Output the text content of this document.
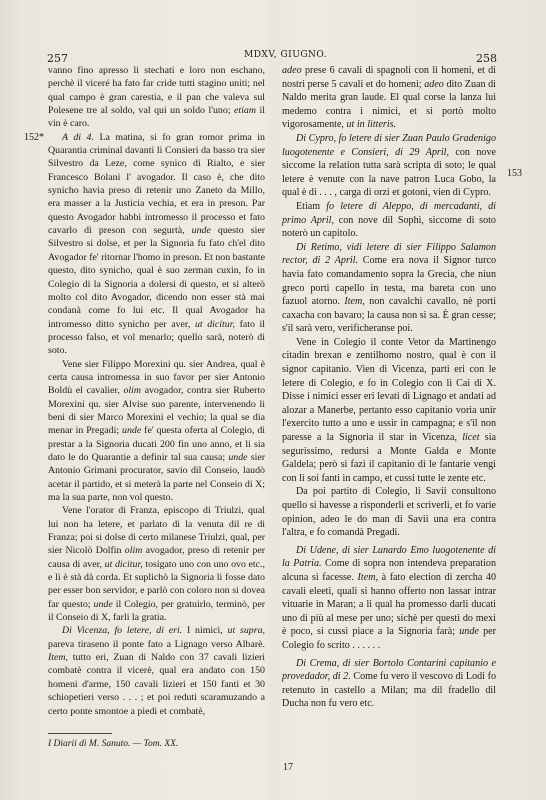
257	MDXV, GIUGNO.	258
152*
153

vanno fino apresso li stechati e loro non eschano, perchè il viceré ha fato far cride tutti stagino uniti; nel qual campo è gran carestia, e il pan che valeva sul Polesene tre al soldo, val qui un soldo l'uno; etiam il vin è caro.

A di 4. La matina, si fo gran romor prima in Quarantia criminal davanti li Consieri da basso tra sier Silvestro da Leze, come synico di Rialto, e sier Francesco Bolani l' avogador. Il caso è, che dito synicho havia preso di retenir uno Zaneto da Millo, era masser a la Justicia vechia, et era in preson. Par questo Avogador habbi intromesso il processo et fato cavarlo di preson con segurtà, unde questo sier Silvestro si dolse, et per la Signoria fu fato ch'el dito Avogador fe' ritornar l'homo in preson. Et non bastante questo, dito synicho, qual è suo zerman cuxin, fo in Colegio di la Signoria a dolersi di questo, et si alterò molto col dito Avogador, dicendo non esser stà mai condanà come fo lui etc. Il qual Avogador ha intromesso ditto synicho per aver, ut dicitur, fato il processo falso, et vol menarlo; quello sarà, noterò di soto.

Vene sier Filippo Morexini qu. sier Andrea, qual è certa causa intromessa in suo favor per sier Antonio Boldù el cavalier, olim avogador, contra sier Ruberto Morexini qu. sier Alvise suo parente, intervenendo li beni di sier Marco Morexini el vechio; la qual se dia menar in Pregadi; unde fe' questa oferta al Colegio, di prestar a la Signoria ducati 200 fin uno anno, et li sia dato le do Quarantie a definir tal sua causa; unde sier Antonio Grimani procurator, savio dil Conseio, laudò acetar il partido, et si meterà la parte nel Conseio di X; ma la sua parte, non vol questo.

Vene l'orator di Franza, episcopo di Triulzi, qual lui non ha letere, et parlato di la venuta dil re di Franza; poi si dolse di certo milanese Triulzi, qual, per sier Nicolò Dolfin olim avogador, preso di retenir per causa di aver, ut dicitur, tosigato uno con uno ovo etc., e li è stà dà corda. Et suplichò la Signoria li fosse dato per esser bon servidor, e parlò con coloro non si dovea far questo; unde il Colegio, per gratuirlo, terminò, per il Conseio di X, farli la gratia.

Di Vicenza, fo letere, di eri. I nimici, ut supra, pareva tiraseno il ponte fato a Lignago verso Albarè. Item, tutto eri, Zuan di Naldo con 37 cavali lizieri combatè contra il vicerè, qual era andato con 150 homeni d'arme, 150 cavali lizieri et 150 fanti et 30 schiopetieri verso . . . ; et poi reduti scaramuzando a certo ponte smontoe a piedi et combatè,

adeo prese 6 cavali di spagnoli con li homeni, et di nostri perse 5 cavali et do homeni; adeo dito Zuan di Naldo merita gran laude. El qual corse la lanza lui medemo contra i nimici, et si portò molto vigorosamente, ut in litteris.

Di Cypro, fo letere di sier Zuan Paulo Gradenigo luogotenente e Consieri, di 29 April, con nove siccome la relation tutta sarà scripta di soto; le qual letere è venute con la nave patron Luca Gobo, la qual è di . . . , carga di orzi et gotoni, vien di Cypro.

Etiam fo letere di Aleppo, di mercadanti, di primo April, con nove dil Sophì, siccome di soto noterò un capitolo.

Di Retimo, vidi letere di sier Filippo Salamon rector, di 2 April. Come era nova il Signor turco havia fato comandamento sopra la Grecia, che niun greco porti capello in testa, ma bareta con uno fazuol atorno. Item, non cavalchi cavallo, nè porti caxacha con bavaro; la causa non si sa. È gran cesse; s'il sarà vero, verificheranse poi.

Vene in Colegio il conte Vetor da Martinengo citadin brexan e zentilhomo nostro, qual è con il signor capitanio. Vien di Vicenza, parti eri con le letere di Colegio, e fo in Colegio con li Cai di X. Disse i nimici esser eri levati di Lignago et andati ad alozar a Manerbe, pertanto esso capitanio voria unir l'exercito tutto a uno e ussir in campagna; e s'il non paresse a la Signoria il star in Vicenza, licet sia segurissimo, redursi a Monte Galda e Monte Galdela; però si fazi il capitanio di le fantarie vengi con li soi fanti in campo, et cussi tutte le zente etc.

Da poi partito di Colegio, li Savii consultono quello si havesse a risponderli et scriverli, et fo varie opinion, adeo le do man di Savii una era contra l'altra, e fo comandà Pregadi.

Di Udene, di sier Lunardo Emo luogotenente di la Patria. Come di sopra non intendeva preparation alcuna si facesse. Item, à fato election di zercha 40 cavali eleeti, quali si hanno offerto non lassar intrar vituarie in Maran; a li qual ha promesso darli ducati uno di più al mese per uno; sichè per questi do mexi è poco, si cussì piace a la Signoria farà; unde per Colegio fo scrito . . . . . .

Di Crema, di sier Bortolo Contarini capitanio e provedador, di 2. Come fu vero il vescovo di Lodi fo retenuto in castello a Milan; ma dil fradello dil Ducha non fu vero etc.

I Diarii di M. Sanuto. — Tom. XX.
17
